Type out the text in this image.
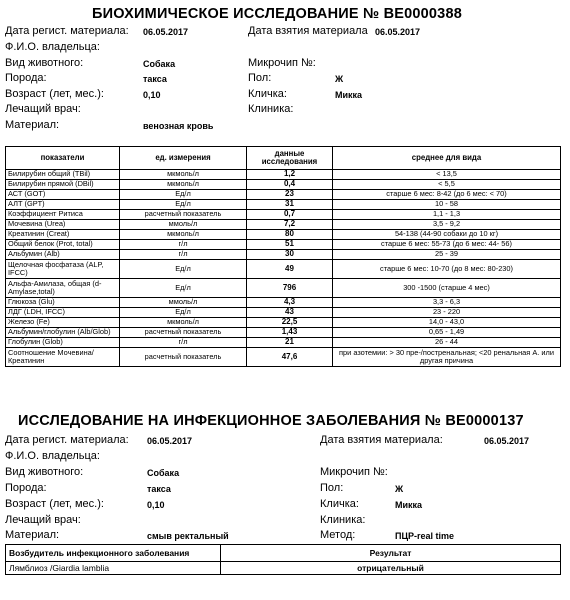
БИОХИМИЧЕСКОЕ ИССЛЕДОВАНИЕ № ВЕ0000388
Дата регист. материала: 06.05.2017	Дата взятия материала 06.05.2017
Ф.И.О. владельца:
Вид животного:	Собака	Микрочип №:
Порода:	такса	Пол:	Ж
Возраст (лет, мес.):	0,10	Кличка:	Микка
Лечащий врач:	Клиника:
Материал:	венозная кровь
показатели	ед. измерения	данные исследования	среднее для вида
Билирубин общий (TBil)	мкмоль/л	1,2	< 13,5
Билирубин прямой (DBil)	мкмоль/л	0,4	< 5,5
АСТ (GOT)	Ед/л	23	старше 6 мес: 8-42 (до 6 мес: < 70)
АЛТ (GPT)	Ед/л	31	10 - 58
Коэффициент Ритиса	расчетный показатель	0,7	1,1 - 1,3
Мочевина (Urea)	ммоль/л	7,2	3,5 - 9,2
Креатинин (Creat)	мкмоль/л	80	54-138 (44-90 собаки до 10 кг)
Общий белок (Prot, total)	г/л	51	старше 6 мес: 55-73 (до 6 мес: 44- 56)
Альбумин (Alb)	г/л	30	25 - 39
Щелочная фосфатаза (ALP, IFCC)	Ед/л	49	старше 6 мес: 10-70 (до 8 мес: 80-230)
Альфа-Амилаза, общая (d-Amylase,total)	Ед/л	796	300 -1500 (старше 4 мес)
Глюкоза (Glu)	ммоль/л	4,3	3,3 - 6,3
ЛДГ (LDH, IFCC)	Ед/л	43	23 - 220
Железо (Fe)	мкмоль/л	22,5	14,0 - 43,0
Альбумин/глобулин (Alb/Glob)	расчетный показатель	1,43	0,65 - 1,49
Глобулин (Glob)	г/л	21	26 - 44
Соотношение Мочевина/Креатинин	расчетный показатель	47,6	при азотемии: > 30 пре-/постренальная; <20 ренальная А. или другая причина
ИССЛЕДОВАНИЕ НА ИНФЕКЦИОННОЕ ЗАБОЛЕВАНИЯ № ВЕ0000137
Дата регист. материала: 06.05.2017	Дата взятия материала:	06.05.2017
Ф.И.О. владельца:
Вид животного:	Собака	Микрочип №:
Порода:	такса	Пол:	Ж
Возраст (лет, мес.):	0,10	Кличка:	Микка
Лечащий врач:	Клиника:
Материал:	смыв ректальный	Метод:	ПЦР-real time
Возбудитель инфекционного заболевания	Результат
Лямблиоз /Giardia lamblia	отрицательный
